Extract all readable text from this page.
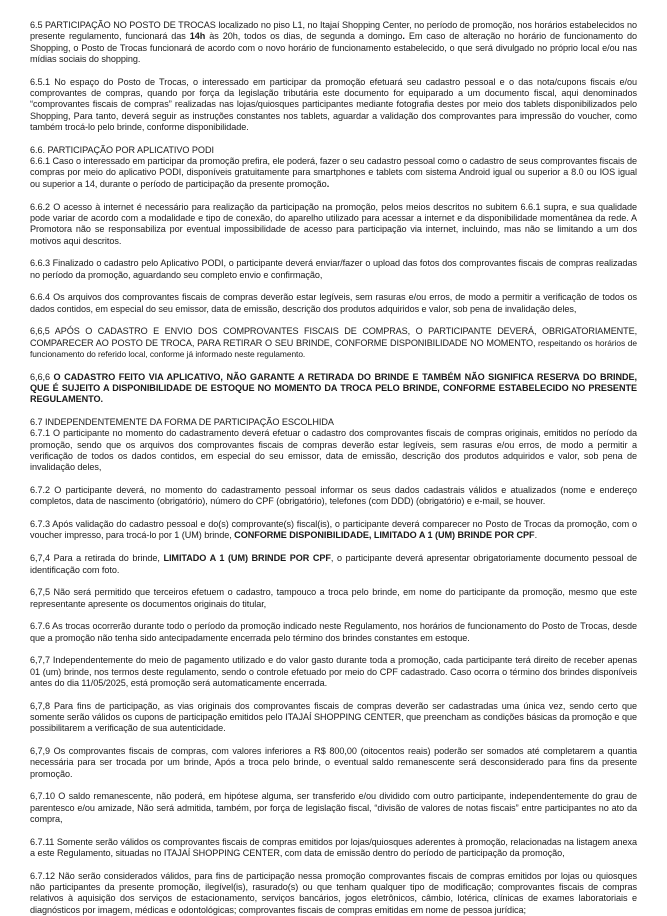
6.5 PARTICIPAÇÃO NO POSTO DE TROCAS localizado no piso L1, no Itajaí Shopping Center, no período de promoção, nos horários estabelecidos no presente regulamento, funcionará das 14h às 20h, todos os dias, de segunda a domingo. Em caso de alteração no horário de funcionamento do Shopping, o Posto de Trocas funcionará de acordo com o novo horário de funcionamento estabelecido, o que será divulgado no próprio local e/ou nas mídias sociais do shopping.

6.5.1 No espaço do Posto de Trocas, o interessado em participar da promoção efetuará seu cadastro pessoal e o das nota/cupons fiscais e/ou comprovantes de compras, quando por força da legislação tributária este documento for equiparado a um documento fiscal, aqui denominados “comprovantes fiscais de compras” realizadas nas lojas/quiosques participantes mediante fotografia destes por meio dos tablets disponibilizados pelo Shopping, Para tanto, deverá seguir as instruções constantes nos tablets, aguardar a validação dos comprovantes para impressão do voucher, como também trocá-lo pelo brinde, conforme disponibilidade.

6.6. PARTICIPAÇÃO POR APLICATIVO PODI

6.6.1 Caso o interessado em participar da promoção prefira, ele poderá, fazer o seu cadastro pessoal como o cadastro de seus comprovantes fiscais de compras por meio do aplicativo PODI, disponíveis gratuitamente para smartphones e tablets com sistema Android igual ou superior a 8.0 ou IOS igual ou superior a 14, durante o período de participação da presente promoção.

6.6.2 O acesso à internet é necessário para realização da participação na promoção, pelos meios descritos no subitem 6.6.1 supra, e sua qualidade pode variar de acordo com a modalidade e tipo de conexão, do aparelho utilizado para acessar a internet e da disponibilidade momentânea da rede. A Promotora não se responsabiliza por eventual impossibilidade de acesso para participação via internet, incluindo, mas não se limitando a um dos motivos aqui descritos.

6.6.3 Finalizado o cadastro pelo Aplicativo PODI, o participante deverá enviar/fazer o upload das fotos dos comprovantes fiscais de compras realizadas no período da promoção, aguardando seu completo envio e confirmação,

6.6.4 Os arquivos dos comprovantes fiscais de compras deverão estar legíveis, sem rasuras e/ou erros, de modo a permitir a verificação de todos os dados contidos, em especial do seu emissor, data de emissão, descrição dos produtos adquiridos e valor, sob pena de invalidação deles,

6,6,5 APÓS O CADASTRO E ENVIO DOS COMPROVANTES FISCAIS DE COMPRAS, O PARTICIPANTE DEVERÁ, OBRIGATORIAMENTE, COMPARECER AO POSTO DE TROCA, PARA RETIRAR O SEU BRINDE, CONFORME DISPONIBILIDADE NO MOMENTO, respeitando os horários de funcionamento do referido local, conforme já informado neste regulamento.

6,6,6 O CADASTRO FEITO VIA APLICATIVO, NÃO GARANTE A RETIRADA DO BRINDE E TAMBÉM NÃO SIGNIFICA RESERVA DO BRINDE, QUE É SUJEITO A DISPONIBILIDADE DE ESTOQUE NO MOMENTO DA TROCA PELO BRINDE, CONFORME ESTABELECIDO NO PRESENTE REGULAMENTO.

6.7 INDEPENDENTEMENTE DA FORMA DE PARTICIPAÇÃO ESCOLHIDA

6.7.1 O participante no momento do cadastramento deverá efetuar o cadastro dos comprovantes fiscais de compras originais, emitidos no período da promoção, sendo que os arquivos dos comprovantes fiscais de compras deverão estar legíveis, sem rasuras e/ou erros, de modo a permitir a verificação de todos os dados contidos, em especial do seu emissor, data de emissão, descrição dos produtos adquiridos e valor, sob pena de invalidação deles,

6.7.2 O participante deverá, no momento do cadastramento pessoal informar os seus dados cadastrais válidos e atualizados (nome e endereço completos, data de nascimento (obrigatório), número do CPF (obrigatório), telefones (com DDD) (obrigatório) e e-mail, se houver.

6.7.3 Após validação do cadastro pessoal e do(s) comprovante(s) fiscal(is), o participante deverá comparecer no Posto de Trocas da promoção, com o voucher impresso, para trocá-lo por 1 (UM) brinde, CONFORME DISPONIBILIDADE, LIMITADO A 1 (UM) BRINDE POR CPF.

6,7,4 Para a retirada do brinde, LIMITADO A 1 (UM) BRINDE POR CPF, o participante deverá apresentar obrigatoriamente documento pessoal de identificação com foto.

6,7,5 Não será permitido que terceiros efetuem o cadastro, tampouco a troca pelo brinde, em nome do participante da promoção, mesmo que este representante apresente os documentos originais do titular,

6.7.6 As trocas ocorrerão durante todo o período da promoção indicado neste Regulamento, nos horários de funcionamento do Posto de Trocas, desde que a promoção não tenha sido antecipadamente encerrada pelo término dos brindes constantes em estoque.

6,7,7 Independentemente do meio de pagamento utilizado e do valor gasto durante toda a promoção, cada participante terá direito de receber apenas 01 (um) brinde, nos termos deste regulamento, sendo o controle efetuado por meio do CPF cadastrado. Caso ocorra o término dos brindes disponíveis antes do dia 11/05/2025, está promoção será automaticamente encerrada.

6,7,8 Para fins de participação, as vias originais dos comprovantes fiscais de compras deverão ser cadastradas uma única vez, sendo certo que somente serão válidos os cupons de participação emitidos pelo ITAJAÍ SHOPPING CENTER, que preencham as condições básicas da promoção e que possibilitarem a verificação de sua autenticidade.

6,7,9 Os comprovantes fiscais de compras, com valores inferiores a R$ 800,00 (oitocentos reais) poderão ser somados até completarem a quantia necessária para ser trocada por um brinde, Após a troca pelo brinde, o eventual saldo remanescente será desconsiderado para fins da presente promoção.

6,7.10 O saldo remanescente, não poderá, em hipótese alguma, ser transferido e/ou dividido com outro participante, independentemente do grau de parentesco e/ou amizade, Não será admitida, também, por força de legislação fiscal, “divisão de valores de notas fiscais” entre participantes no ato da compra,

6.7.11 Somente serão válidos os comprovantes fiscais de compras emitidos por lojas/quiosques aderentes à promoção, relacionadas na listagem anexa a este Regulamento, situadas no ITAJAÍ SHOPPING CENTER, com data de emissão dentro do período de participação da promoção,

6.7.12 Não serão considerados válidos, para fins de participação nessa promoção comprovantes fiscais de compras emitidos por lojas ou quiosques não participantes da presente promoção, ilegível(is), rasurado(s) ou que tenham qualquer tipo de modificação; comprovantes fiscais de compras relativos à aquisição dos serviços de estacionamento, serviços bancários, jogos eletrônicos, câmbio, lotérica, clínicas de exames laboratoriais e diagnósticos por imagem, médicas e odontológicas; comprovantes fiscais de compras emitidas em nome de pessoa jurídica;
